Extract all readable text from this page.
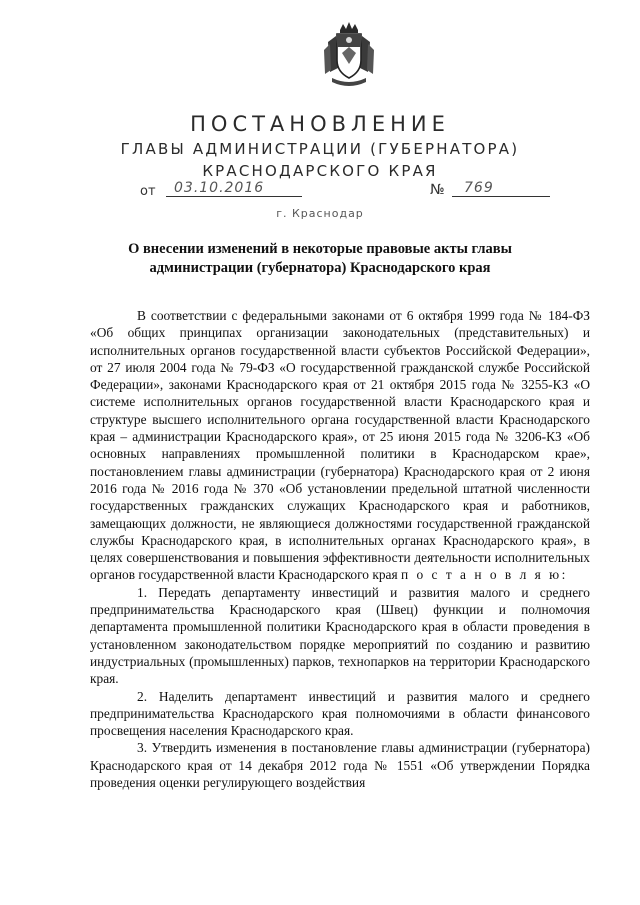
ПОСТАНОВЛЕНИЕ
ГЛАВЫ АДМИНИСТРАЦИИ (ГУБЕРНАТОРА)
КРАСНОДАРСКОГО КРАЯ
от	03.10.2016	№	769
г. Краснодар
О внесении изменений в некоторые правовые акты главы администрации (губернатора) Краснодарского края

В соответствии с федеральными законами от 6 октября 1999 года № 184-ФЗ «Об общих принципах организации законодательных (представительных) и исполнительных органов государственной власти субъектов Российской Федерации», от 27 июля 2004 года № 79-ФЗ «О государственной гражданской службе Российской Федерации», законами Краснодарского края от 21 октября 2015 года № 3255-КЗ «О системе исполнительных органов государственной власти Краснодарского края и структуре высшего исполнительного органа государственной власти Краснодарского края – администрации Краснодарского края», от 25 июня 2015 года № 3206-КЗ «Об основных направлениях промышленной политики в Краснодарском крае», постановлением главы администрации (губернатора) Краснодарского края от 2 июня 2016 года № 2016 года № 370 «Об установлении предельной штатной численности государственных гражданских служащих Краснодарского края и работников, замещающих должности, не являющиеся должностями государственной гражданской службы Краснодарского края, в исполнительных органах Краснодарского края», в целях совершенствования и повышения эффективности деятельности исполнительных органов государственной власти Краснодарского края п о с т а н о в л я ю:

1. Передать департаменту инвестиций и развития малого и среднего предпринимательства Краснодарского края (Швец) функции и полномочия департамента промышленной политики Краснодарского края в области проведения в установленном законодательством порядке мероприятий по созданию и развитию индустриальных (промышленных) парков, технопарков на территории Краснодарского края.

2. Наделить департамент инвестиций и развития малого и среднего предпринимательства Краснодарского края полномочиями в области финансового просвещения населения Краснодарского края.

3. Утвердить изменения в постановление главы администрации (губернатора) Краснодарского края от 14 декабря 2012 года № 1551 «Об утверждении Порядка проведения оценки регулирующего воздействия
